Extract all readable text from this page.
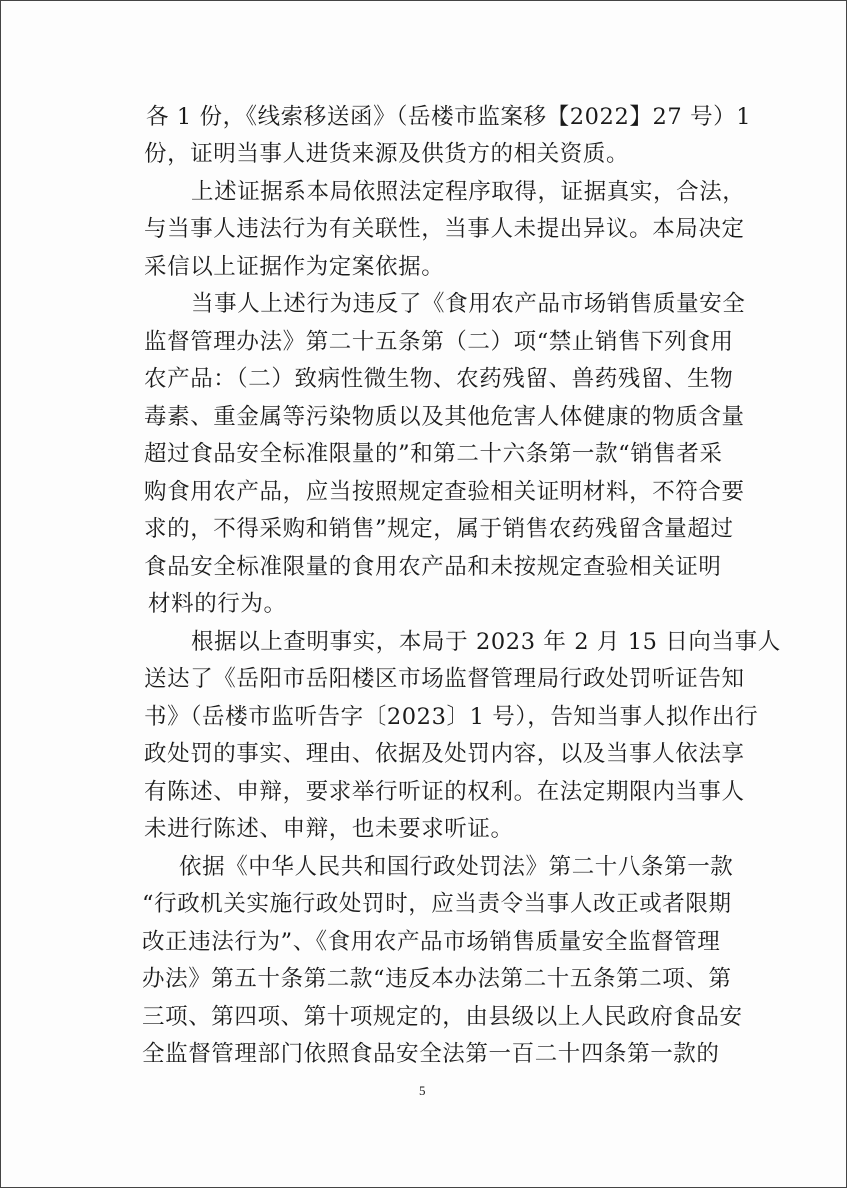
各 1 份，《线索移送函》（岳楼市监案移【2022】27 号）1
份，证明当事人进货来源及供货方的相关资质。
上述证据系本局依照法定程序取得，证据真实，合法，
与当事人违法行为有关联性，当事人未提出异议。本局决定
采信以上证据作为定案依据。
当事人上述行为违反了《食用农产品市场销售质量安全
监督管理办法》第二十五条第（二）项“禁止销售下列食用
农产品：（二）致病性微生物、农药残留、兽药残留、生物
毒素、重金属等污染物质以及其他危害人体健康的物质含量
超过食品安全标准限量的”和第二十六条第一款“销售者采
购食用农产品，应当按照规定查验相关证明材料，不符合要
求的，不得采购和销售”规定，属于销售农药残留含量超过
食品安全标准限量的食用农产品和未按规定查验相关证明
材料的行为。
根据以上查明事实，本局于 2023 年 2 月 15 日向当事人
送达了《岳阳市岳阳楼区市场监督管理局行政处罚听证告知
书》（岳楼市监听告字〔2023〕1 号），告知当事人拟作出行
政处罚的事实、理由、依据及处罚内容，以及当事人依法享
有陈述、申辩，要求举行听证的权利。在法定期限内当事人
未进行陈述、申辩，也未要求听证。
依据《中华人民共和国行政处罚法》第二十八条第一款
“行政机关实施行政处罚时，应当责令当事人改正或者限期
改正违法行为”、《食用农产品市场销售质量安全监督管理
办法》第五十条第二款“违反本办法第二十五条第二项、第
三项、第四项、第十项规定的，由县级以上人民政府食品安
全监督管理部门依照食品安全法第一百二十四条第一款的
5
